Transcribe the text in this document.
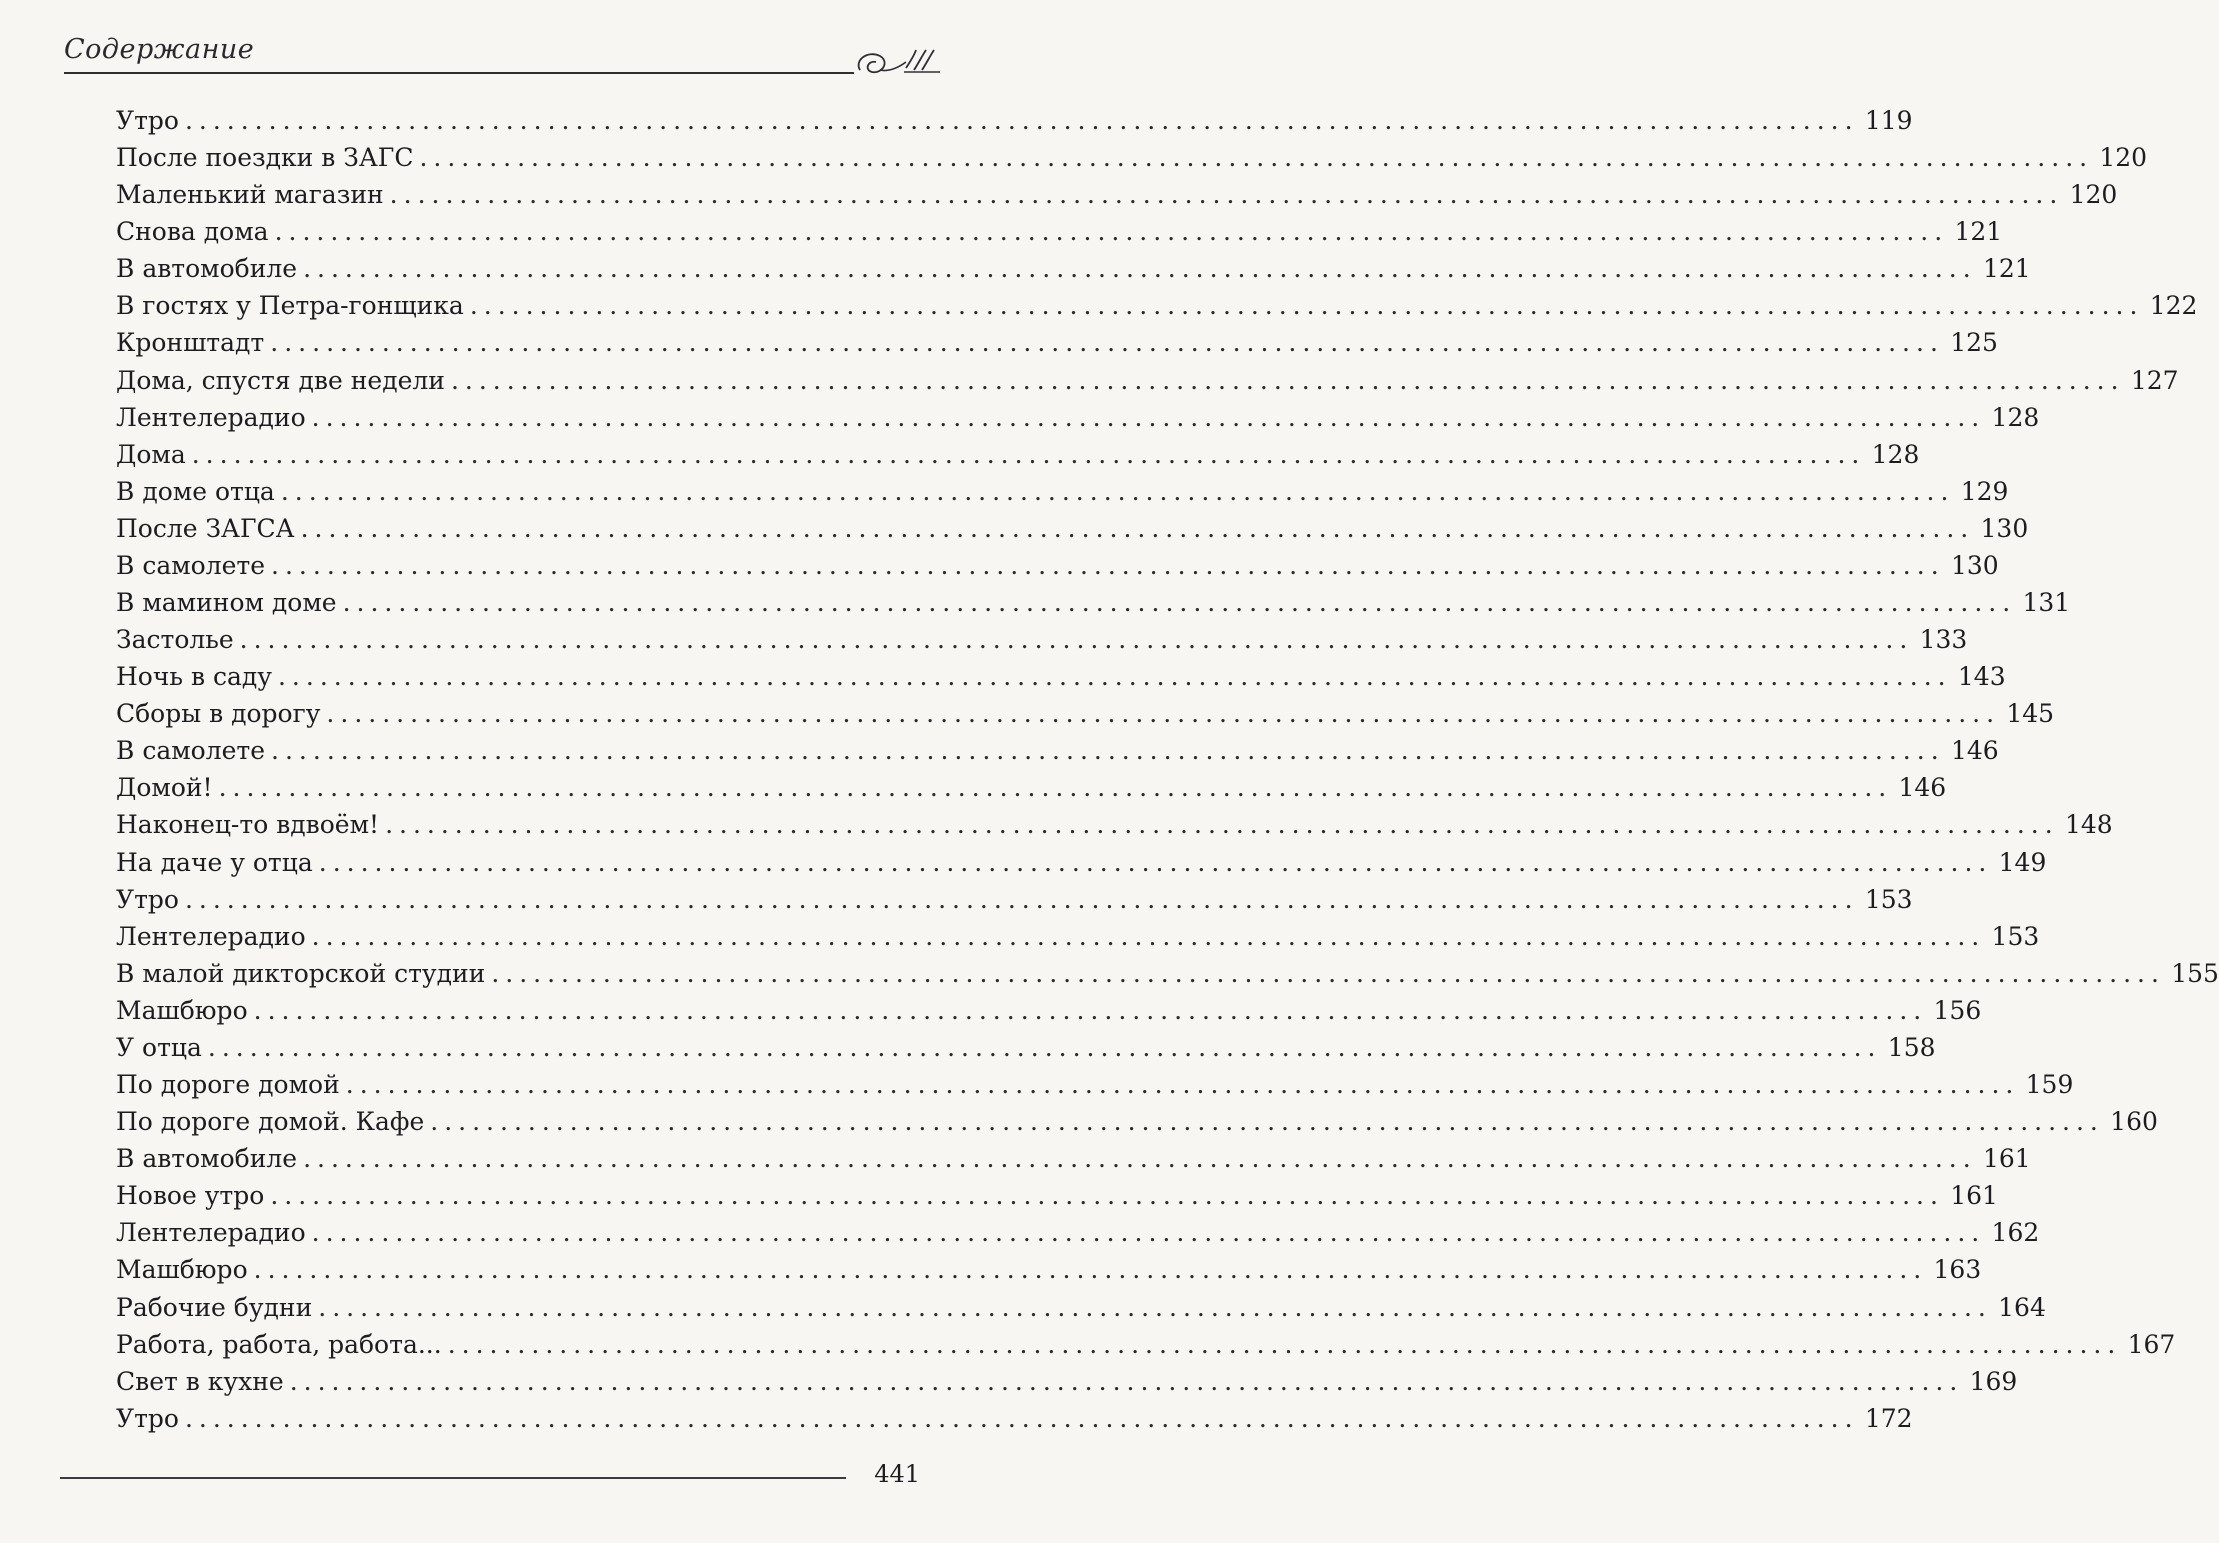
Содержание
Утро ........................................................................................................................ 119
После поездки в ЗАГС ........................................................................................................................ 120
Маленький магазин ........................................................................................................................ 120
Снова дома ........................................................................................................................ 121
В автомобиле ........................................................................................................................ 121
В гостях у Петра-гонщика ........................................................................................................................ 122
Кронштадт ........................................................................................................................ 125
Дома, спустя две недели ........................................................................................................................ 127
Лентелерадио ........................................................................................................................ 128
Дома ........................................................................................................................ 128
В доме отца ........................................................................................................................ 129
После ЗАГСА ........................................................................................................................ 130
В самолете ........................................................................................................................ 130
В мамином доме ........................................................................................................................ 131
Застолье ........................................................................................................................ 133
Ночь в саду ........................................................................................................................ 143
Сборы в дорогу ........................................................................................................................ 145
В самолете ........................................................................................................................ 146
Домой! ........................................................................................................................ 146
Наконец-то вдвоём! ........................................................................................................................ 148
На даче у отца ........................................................................................................................ 149
Утро ........................................................................................................................ 153
Лентелерадио ........................................................................................................................ 153
В малой дикторской студии ........................................................................................................................ 155
Машбюро ........................................................................................................................ 156
У отца ........................................................................................................................ 158
По дороге домой ........................................................................................................................ 159
По дороге домой. Кафе ........................................................................................................................ 160
В автомобиле ........................................................................................................................ 161
Новое утро ........................................................................................................................ 161
Лентелерадио ........................................................................................................................ 162
Машбюро ........................................................................................................................ 163
Рабочие будни ........................................................................................................................ 164
Работа, работа, работа... ........................................................................................................................ 167
Свет в кухне ........................................................................................................................ 169
Утро ........................................................................................................................ 172
441
